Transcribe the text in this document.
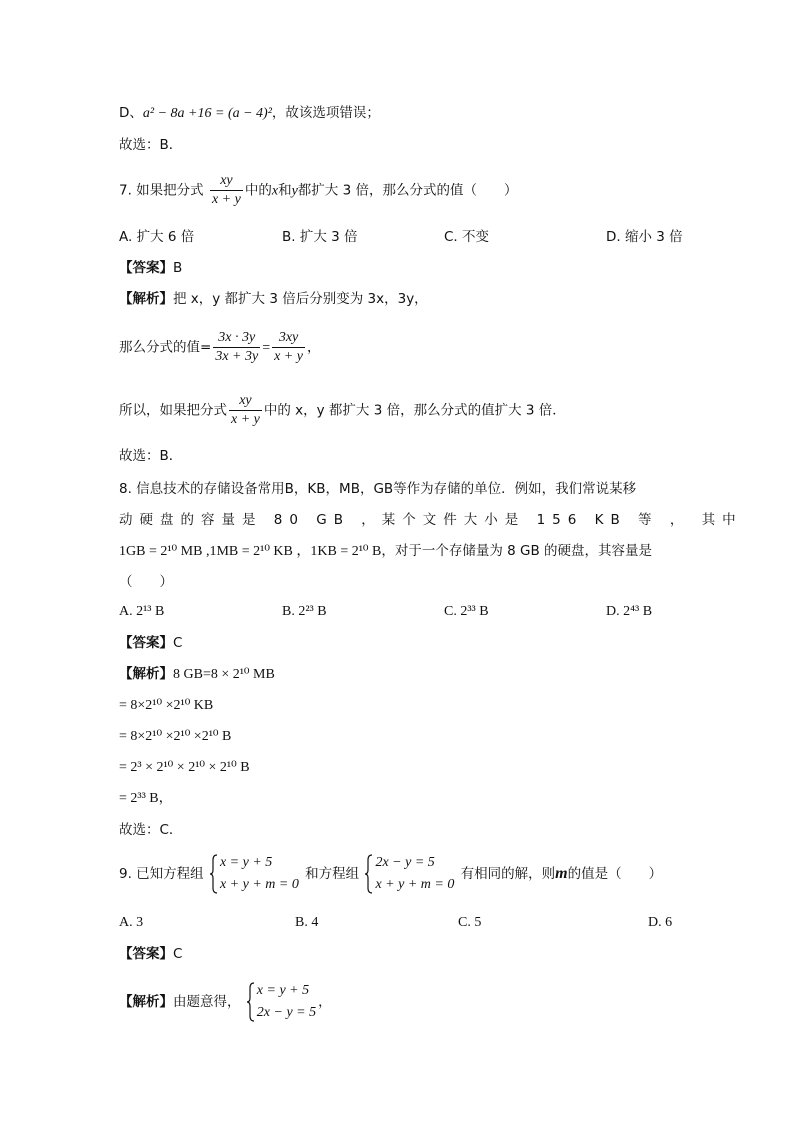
D、a² − 8a +16 = (a − 4)²，故该选项错误；
故选：B．
7. 如果把分式 $\frac{xy}{x + y}$ 中的x和y都扩大 3 倍，那么分式的值（　　）
A. 扩大 6 倍	B. 扩大 3 倍	C. 不变	D. 缩小 3 倍
【答案】B
【解析】把 x，y 都扩大 3 倍后分别变为 3x，3y，
那么分式的值= $\frac{3x \cdot 3y}{3x + 3y} = \frac{3xy}{x + y}$ ，
所以，如果把分式 $\frac{xy}{x + y}$ 中的 x，y 都扩大 3 倍，那么分式的值扩大 3 倍．
故选：B．
8. 信息技术的存储设备常用B，KB，MB，GB等作为存储的单位．例如，我们常说某移
动硬盘的容量是 80 GB ，某个文件大小是 156 KB 等 ， 其中
1GB = 2¹⁰ MB ,1MB = 2¹⁰ KB ，1KB = 2¹⁰ B，对于一个存储量为 8 GB 的硬盘，其容量是
（　　）
A. 2¹³ B	B. 2²³ B	C. 2³³ B	D. 2⁴³ B
【答案】C
【解析】8 GB=8 × 2¹⁰ MB
= 8×2¹⁰ ×2¹⁰ KB
= 8×2¹⁰ ×2¹⁰ ×2¹⁰ B
= 2³ × 2¹⁰ × 2¹⁰ × 2¹⁰ B
= 2³³ B，
故选：C．
9. 已知方程组
x = y + 5
x + y + m = 0
和方程组
2x − y = 5
x + y + m = 0
有相同的解，则m的值是（　　）
A. 3	B. 4	C. 5	D. 6
【答案】C
【解析】由题意得，
x = y + 5
2x − y = 5
，
